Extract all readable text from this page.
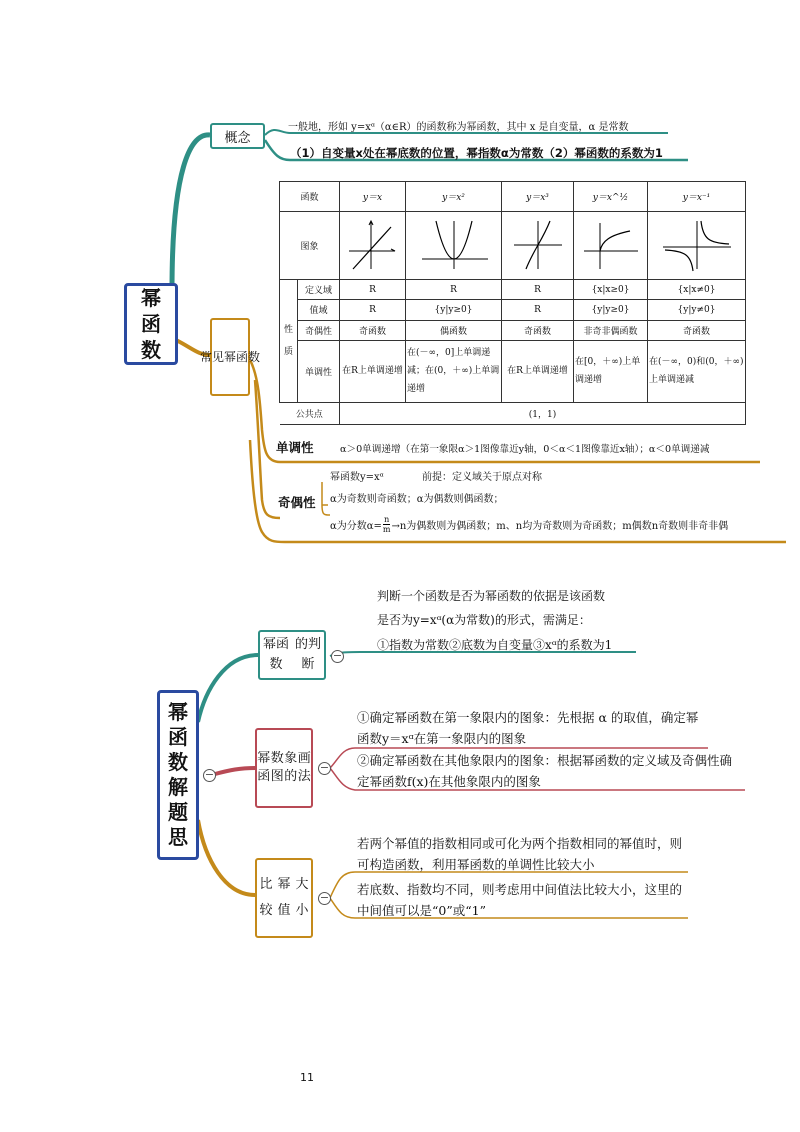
幂
函
数
概念
一般地，形如 y=xᵅ（α∈R）的函数称为幂函数，其中 x 是自变量，α 是常数
（1）自变量x处在幂底数的位置，幂指数α为常数（2）幂函数的系数为1
常 见 幂 函 数
函数		y＝x	y＝x²	y＝x³	y＝x^½	y＝x⁻¹
图象					

性
质	定义域	R	R	R	{x|x≥0}	{x|x≠0}
	值域	R	{y|y≥0}	R	{y|y≥0}	{y|y≠0}
	奇偶性	奇函数	偶函数	奇函数	非奇非偶函数	奇函数
	单调性	在R上单调递增	在(－∞，0]上单调递减；在(0，＋∞)上单调递增	在R上单调递增	在[0，＋∞)上单调递增	在(－∞，0)和(0，＋∞)上单调递减
公共点		(1，1)				
单调性	α＞0单调递增（在第一象限α＞1图像靠近y轴，0＜α＜1图像靠近x轴）；α＜0单调递减
奇偶性
幂函数y=xᵅ	前提：定义域关于原点对称
α为奇数则奇函数；α为偶数则偶函数；
α为分数$\alpha= \frac{n}{m} \to n$为偶数则为偶函数；m、n均为奇数则为奇函数；m偶数n奇数则非奇非偶
幂
函
数
解
题
思
−
幂函数
的判断
−
判断一个函数是否为幂函数的依据是该函数
是否为y=xᵅ(α为常数)的形式，需满足：
①指数为常数②底数为自变量③xᵅ的系数为1
幂函
数图
象的
画法
−
①确定幂函数在第一象限内的图象：先根据 α 的取值，确定幂函数y＝xᵅ在第一象限内的图象
②确定幂函数在其他象限内的图象：根据幂函数的定义域及奇偶性确定幂函数f(x)在其他象限内的图象
比较
幂值
大小
−
若两个幂值的指数相同或可化为两个指数相同的幂值时，则可构造函数，利用幂函数的单调性比较大小
若底数、指数均不同，则考虑用中间值法比较大小，这里的中间值可以是“0”或“1”
11
